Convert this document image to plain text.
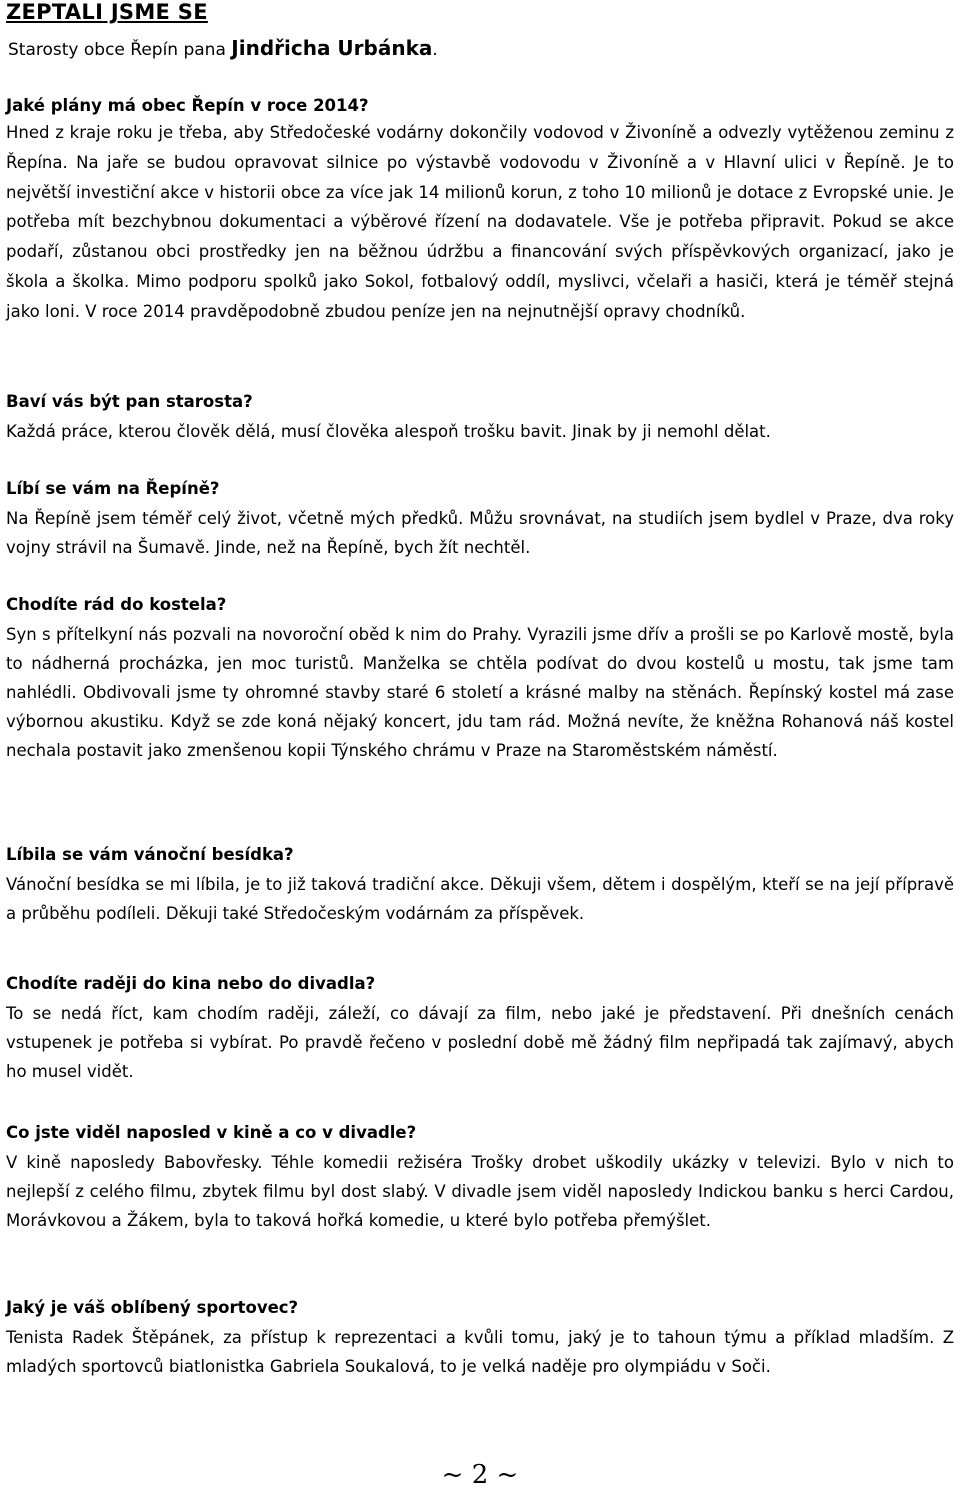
ZEPTALI JSME SE

Starosty obce Řepín pana Jindřicha Urbánka.

Jaké plány má obec Řepín v roce 2014?

Hned z kraje roku je třeba, aby Středočeské vodárny dokončily vodovod v Živoníně a odvezly vytěženou zeminu z Řepína. Na jaře se budou opravovat silnice po výstavbě vodovodu v Živoníně a v Hlavní ulici v Řepíně. Je to největší investiční akce v historii obce za více jak 14 milionů korun, z toho 10 milionů je dotace z Evropské unie. Je potřeba mít bezchybnou dokumentaci a výběrové řízení na dodavatele. Vše je potřeba připravit. Pokud se akce podaří, zůstanou obci prostředky jen na běžnou údržbu a financování svých příspěvkových organizací, jako je škola a školka. Mimo podporu spolků jako Sokol, fotbalový oddíl, myslivci, včelaři a hasiči, která je téměř stejná jako loni. V roce 2014 pravděpodobně zbudou peníze jen na nejnutnější opravy chodníků.

Baví vás být pan starosta?

Každá práce, kterou člověk dělá, musí člověka alespoň trošku bavit. Jinak by ji nemohl dělat.

Líbí se vám na Řepíně?

Na Řepíně jsem téměř celý život, včetně mých předků. Můžu srovnávat, na studiích jsem bydlel v Praze, dva roky vojny strávil na Šumavě. Jinde, než na Řepíně, bych žít nechtěl.

Chodíte rád do kostela?

Syn s přítelkyní nás pozvali na novoroční oběd k nim do Prahy. Vyrazili jsme dřív a prošli se po Karlově mostě, byla to nádherná procházka, jen moc turistů. Manželka se chtěla podívat do dvou kostelů u mostu, tak jsme tam nahlédli. Obdivovali jsme ty ohromné stavby staré 6 století a krásné malby na stěnách. Řepínský kostel má zase výbornou akustiku. Když se zde koná nějaký koncert, jdu tam rád. Možná nevíte, že kněžna Rohanová náš kostel nechala postavit jako zmenšenou kopii Týnského chrámu v Praze na Staroměstském náměstí.

Líbila se vám vánoční besídka?

Vánoční besídka se mi líbila, je to již taková tradiční akce. Děkuji všem, dětem i dospělým, kteří se na její přípravě a průběhu podíleli. Děkuji také Středočeským vodárnám za příspěvek.

Chodíte raději do kina nebo do divadla?

To se nedá říct, kam chodím raději, záleží, co dávají za film, nebo jaké je představení. Při dnešních cenách vstupenek je potřeba si vybírat. Po pravdě řečeno v poslední době mě žádný film nepřipadá tak zajímavý, abych ho musel vidět.

Co jste viděl naposled v kině a co v divadle?

V kině naposledy Babovřesky. Téhle komedii režiséra Trošky drobet uškodily ukázky v televizi. Bylo v nich to nejlepší z celého filmu, zbytek filmu byl dost slabý. V divadle jsem viděl naposledy Indickou banku s herci Cardou, Morávkovou a Žákem, byla to taková hořká komedie, u které bylo potřeba přemýšlet.

Jaký je váš oblíbený sportovec?

Tenista Radek Štěpánek, za přístup k reprezentaci a kvůli tomu, jaký je to tahoun týmu a příklad mladším. Z mladých sportovců biatlonistka Gabriela Soukalová, to je velká naděje pro olympiádu v Soči.

~ 2 ~
